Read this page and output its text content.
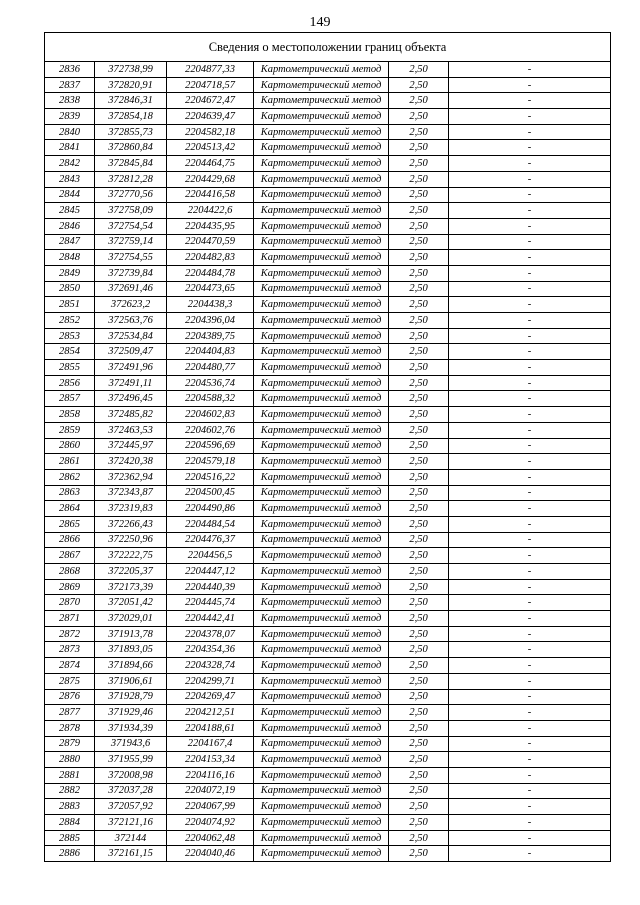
149
Сведения о местоположении границ объекта					
2836	372738,99	2204877,33	Картометрический метод	2,50	-
2837	372820,91	2204718,57	Картометрический метод	2,50	-
2838	372846,31	2204672,47	Картометрический метод	2,50	-
2839	372854,18	2204639,47	Картометрический метод	2,50	-
2840	372855,73	2204582,18	Картометрический метод	2,50	-
2841	372860,84	2204513,42	Картометрический метод	2,50	-
2842	372845,84	2204464,75	Картометрический метод	2,50	-
2843	372812,28	2204429,68	Картометрический метод	2,50	-
2844	372770,56	2204416,58	Картометрический метод	2,50	-
2845	372758,09	2204422,6	Картометрический метод	2,50	-
2846	372754,54	2204435,95	Картометрический метод	2,50	-
2847	372759,14	2204470,59	Картометрический метод	2,50	-
2848	372754,55	2204482,83	Картометрический метод	2,50	-
2849	372739,84	2204484,78	Картометрический метод	2,50	-
2850	372691,46	2204473,65	Картометрический метод	2,50	-
2851	372623,2	2204438,3	Картометрический метод	2,50	-
2852	372563,76	2204396,04	Картометрический метод	2,50	-
2853	372534,84	2204389,75	Картометрический метод	2,50	-
2854	372509,47	2204404,83	Картометрический метод	2,50	-
2855	372491,96	2204480,77	Картометрический метод	2,50	-
2856	372491,11	2204536,74	Картометрический метод	2,50	-
2857	372496,45	2204588,32	Картометрический метод	2,50	-
2858	372485,82	2204602,83	Картометрический метод	2,50	-
2859	372463,53	2204602,76	Картометрический метод	2,50	-
2860	372445,97	2204596,69	Картометрический метод	2,50	-
2861	372420,38	2204579,18	Картометрический метод	2,50	-
2862	372362,94	2204516,22	Картометрический метод	2,50	-
2863	372343,87	2204500,45	Картометрический метод	2,50	-
2864	372319,83	2204490,86	Картометрический метод	2,50	-
2865	372266,43	2204484,54	Картометрический метод	2,50	-
2866	372250,96	2204476,37	Картометрический метод	2,50	-
2867	372222,75	2204456,5	Картометрический метод	2,50	-
2868	372205,37	2204447,12	Картометрический метод	2,50	-
2869	372173,39	2204440,39	Картометрический метод	2,50	-
2870	372051,42	2204445,74	Картометрический метод	2,50	-
2871	372029,01	2204442,41	Картометрический метод	2,50	-
2872	371913,78	2204378,07	Картометрический метод	2,50	-
2873	371893,05	2204354,36	Картометрический метод	2,50	-
2874	371894,66	2204328,74	Картометрический метод	2,50	-
2875	371906,61	2204299,71	Картометрический метод	2,50	-
2876	371928,79	2204269,47	Картометрический метод	2,50	-
2877	371929,46	2204212,51	Картометрический метод	2,50	-
2878	371934,39	2204188,61	Картометрический метод	2,50	-
2879	371943,6	2204167,4	Картометрический метод	2,50	-
2880	371955,99	2204153,34	Картометрический метод	2,50	-
2881	372008,98	2204116,16	Картометрический метод	2,50	-
2882	372037,28	2204072,19	Картометрический метод	2,50	-
2883	372057,92	2204067,99	Картометрический метод	2,50	-
2884	372121,16	2204074,92	Картометрический метод	2,50	-
2885	372144	2204062,48	Картометрический метод	2,50	-
2886	372161,15	2204040,46	Картометрический метод	2,50	-
